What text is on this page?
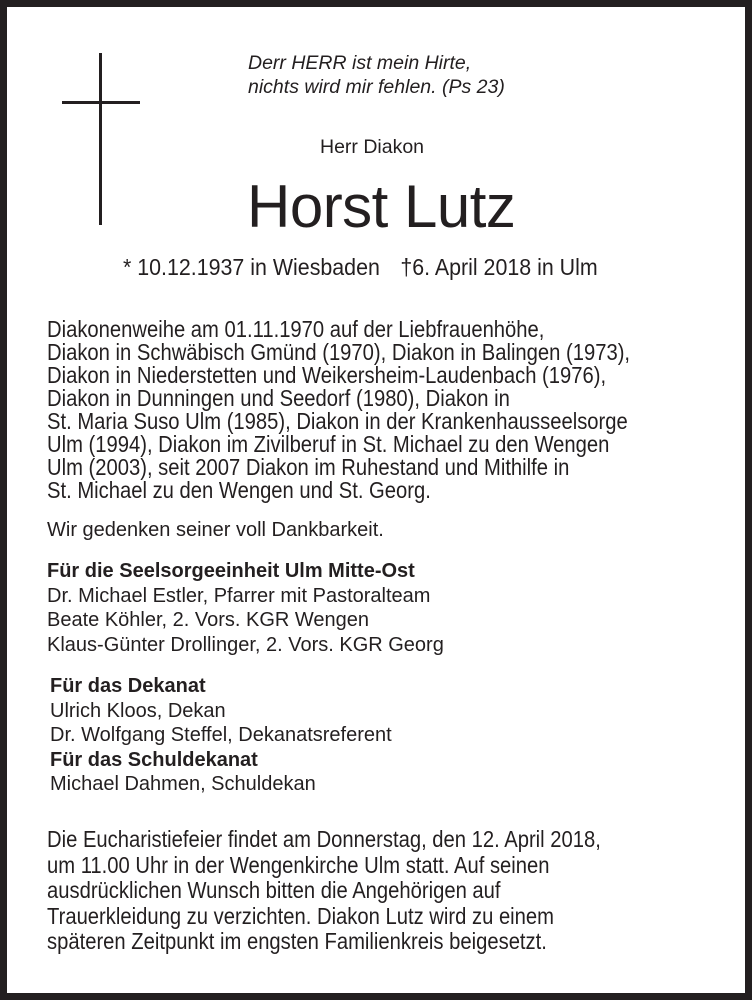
Derr HERR ist mein Hirte,
nichts wird mir fehlen. (Ps 23)
Herr Diakon
Horst Lutz
* 10.12.1937 in Wiesbaden †6. April 2018 in Ulm
Diakonenweihe am 01.11.1970 auf der Liebfrauenhöhe,
Diakon in Schwäbisch Gmünd (1970), Diakon in Balingen (1973),
Diakon in Niederstetten und Weikersheim-Laudenbach (1976),
Diakon in Dunningen und Seedorf (1980), Diakon in
St. Maria Suso Ulm (1985), Diakon in der Krankenhausseelsorge
Ulm (1994), Diakon im Zivilberuf in St. Michael zu den Wengen
Ulm (2003), seit 2007 Diakon im Ruhestand und Mithilfe in
St. Michael zu den Wengen und St. Georg.
Wir gedenken seiner voll Dankbarkeit.
Für die Seelsorgeeinheit Ulm Mitte-Ost
Dr. Michael Estler, Pfarrer mit Pastoralteam
Beate Köhler, 2. Vors. KGR Wengen
Klaus-Günter Drollinger, 2. Vors. KGR Georg
Für das Dekanat
Ulrich Kloos, Dekan
Dr. Wolfgang Steffel, Dekanatsreferent
Für das Schuldekanat
Michael Dahmen, Schuldekan
Die Eucharistiefeier findet am Donnerstag, den 12. April 2018,
um 11.00 Uhr in der Wengenkirche Ulm statt. Auf seinen
ausdrücklichen Wunsch bitten die Angehörigen auf
Trauerkleidung zu verzichten. Diakon Lutz wird zu einem
späteren Zeitpunkt im engsten Familienkreis beigesetzt.
